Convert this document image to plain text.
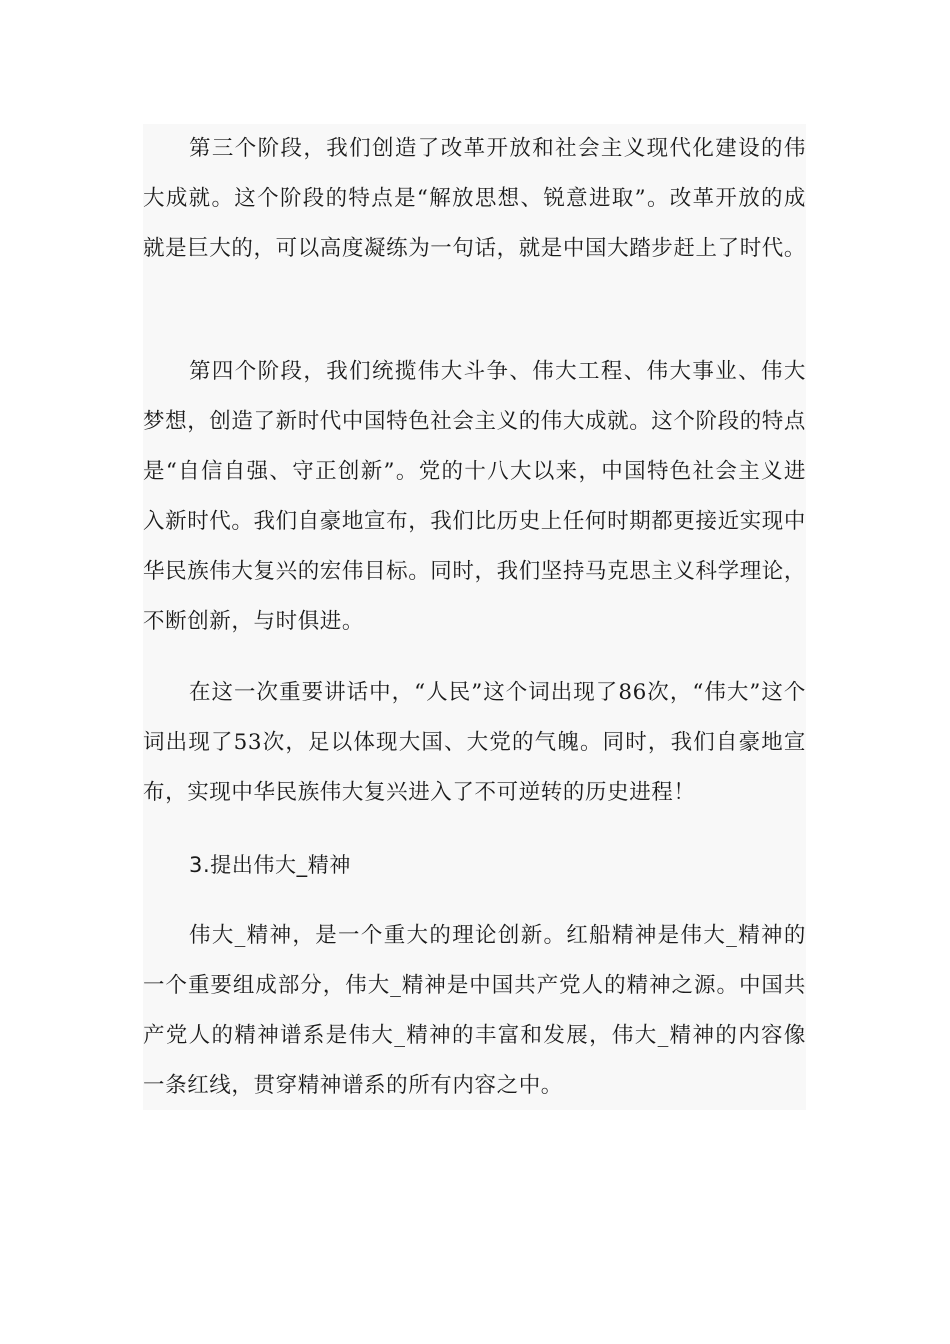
第三个阶段，我们创造了改革开放和社会主义现代化建设的伟大成就。这个阶段的特点是“解放思想、锐意进取”。改革开放的成就是巨大的，可以高度凝练为一句话，就是中国大踏步赶上了时代。

第四个阶段，我们统揽伟大斗争、伟大工程、伟大事业、伟大梦想，创造了新时代中国特色社会主义的伟大成就。这个阶段的特点是“自信自强、守正创新”。党的十八大以来，中国特色社会主义进入新时代。我们自豪地宣布，我们比历史上任何时期都更接近实现中华民族伟大复兴的宏伟目标。同时，我们坚持马克思主义科学理论，不断创新，与时俱进。

在这一次重要讲话中，“人民”这个词出现了86次，“伟大”这个词出现了53次，足以体现大国、大党的气魄。同时，我们自豪地宣布，实现中华民族伟大复兴进入了不可逆转的历史进程！

3.提出伟大_精神

伟大_精神，是一个重大的理论创新。红船精神是伟大_精神的一个重要组成部分，伟大_精神是中国共产党人的精神之源。中国共产党人的精神谱系是伟大_精神的丰富和发展，伟大_精神的内容像一条红线，贯穿精神谱系的所有内容之中。
